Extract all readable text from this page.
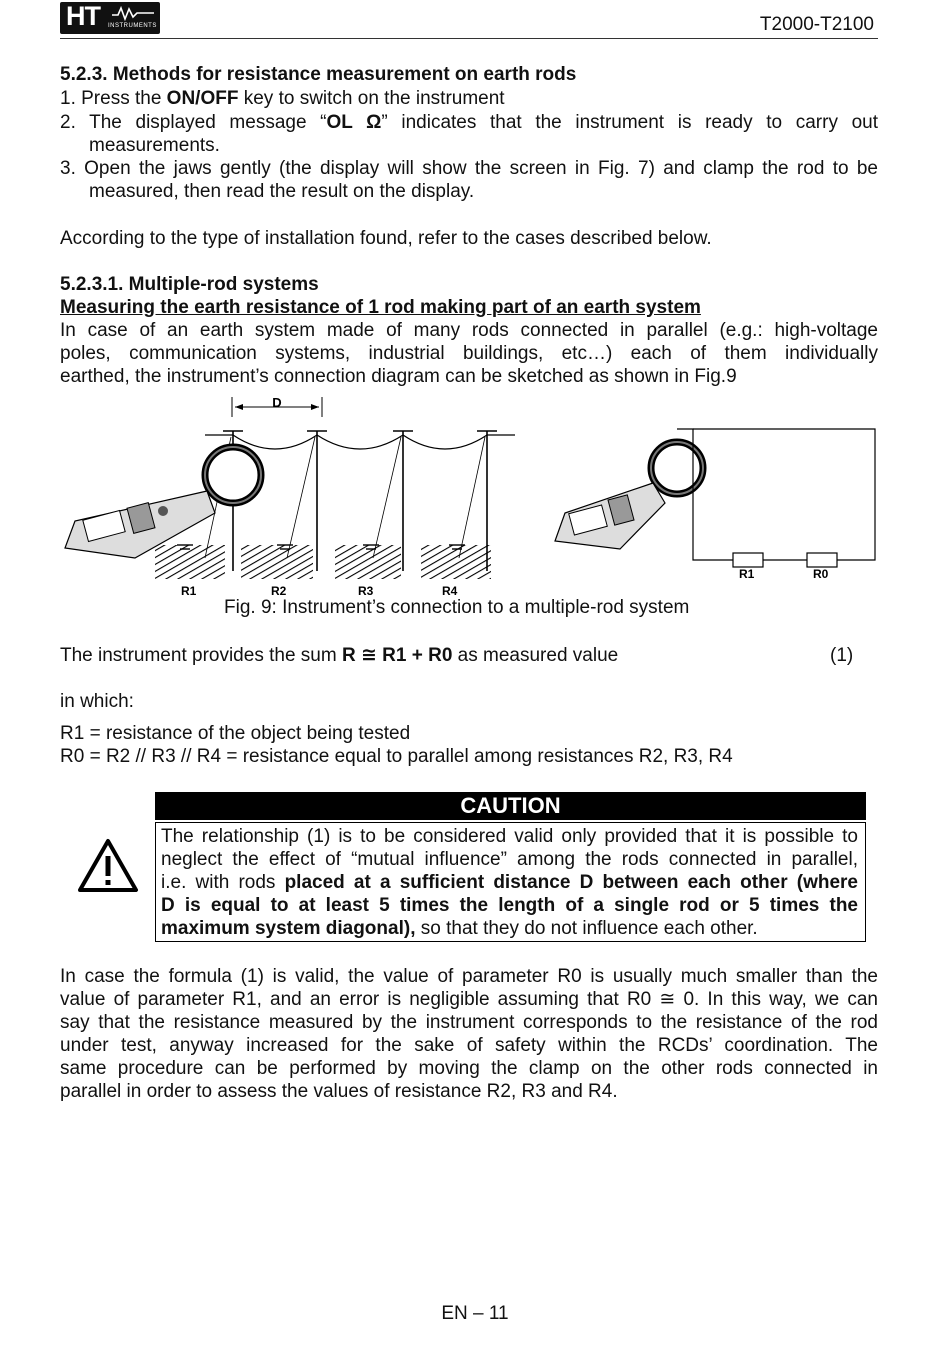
HT INSTRUMENTS	T2000-T2100
5.2.3. Methods for resistance measurement on earth rods
1. Press the ON/OFF key to switch on the instrument
2. The displayed message “OL Ω” indicates that the instrument is ready to carry out
measurements.
3. Open the jaws gently (the display will show the screen in Fig. 7) and clamp the rod to be
measured, then read the result on the display.
According to the type of installation found, refer to the cases described below.
5.2.3.1. Multiple-rod systems
Measuring the earth resistance of 1 rod making part of an earth system
In case of an earth system made of many rods connected in parallel (e.g.: high-voltage
poles, communication systems, industrial buildings, etc…) each of them individually
earthed, the instrument’s connection diagram can be sketched as shown in Fig.9
D
R1	R2	R3	R4
R1	R0
Fig. 9: Instrument’s connection to a multiple-rod system
The instrument provides the sum R ≅ R1 + R0 as measured value	(1)
in which:
R1 = resistance of the object being tested
R0 = R2 // R3 // R4 = resistance equal to parallel among resistances R2, R3, R4
CAUTION
The relationship (1) is to be considered valid only provided that it is possible to
neglect the effect of “mutual influence” among the rods connected in parallel,
i.e. with rods placed at a sufficient distance D between each other (where
D is equal to at least 5 times the length of a single rod or 5 times the
maximum system diagonal), so that they do not influence each other.
In case the formula (1) is valid, the value of parameter R0 is usually much smaller than the
value of parameter R1, and an error is negligible assuming that R0 ≅ 0. In this way, we can
say that the resistance measured by the instrument corresponds to the resistance of the rod
under test, anyway increased for the sake of safety within the RCDs’ coordination. The
same procedure can be performed by moving the clamp on the other rods connected in
parallel in order to assess the values of resistance R2, R3 and R4.
EN – 11
